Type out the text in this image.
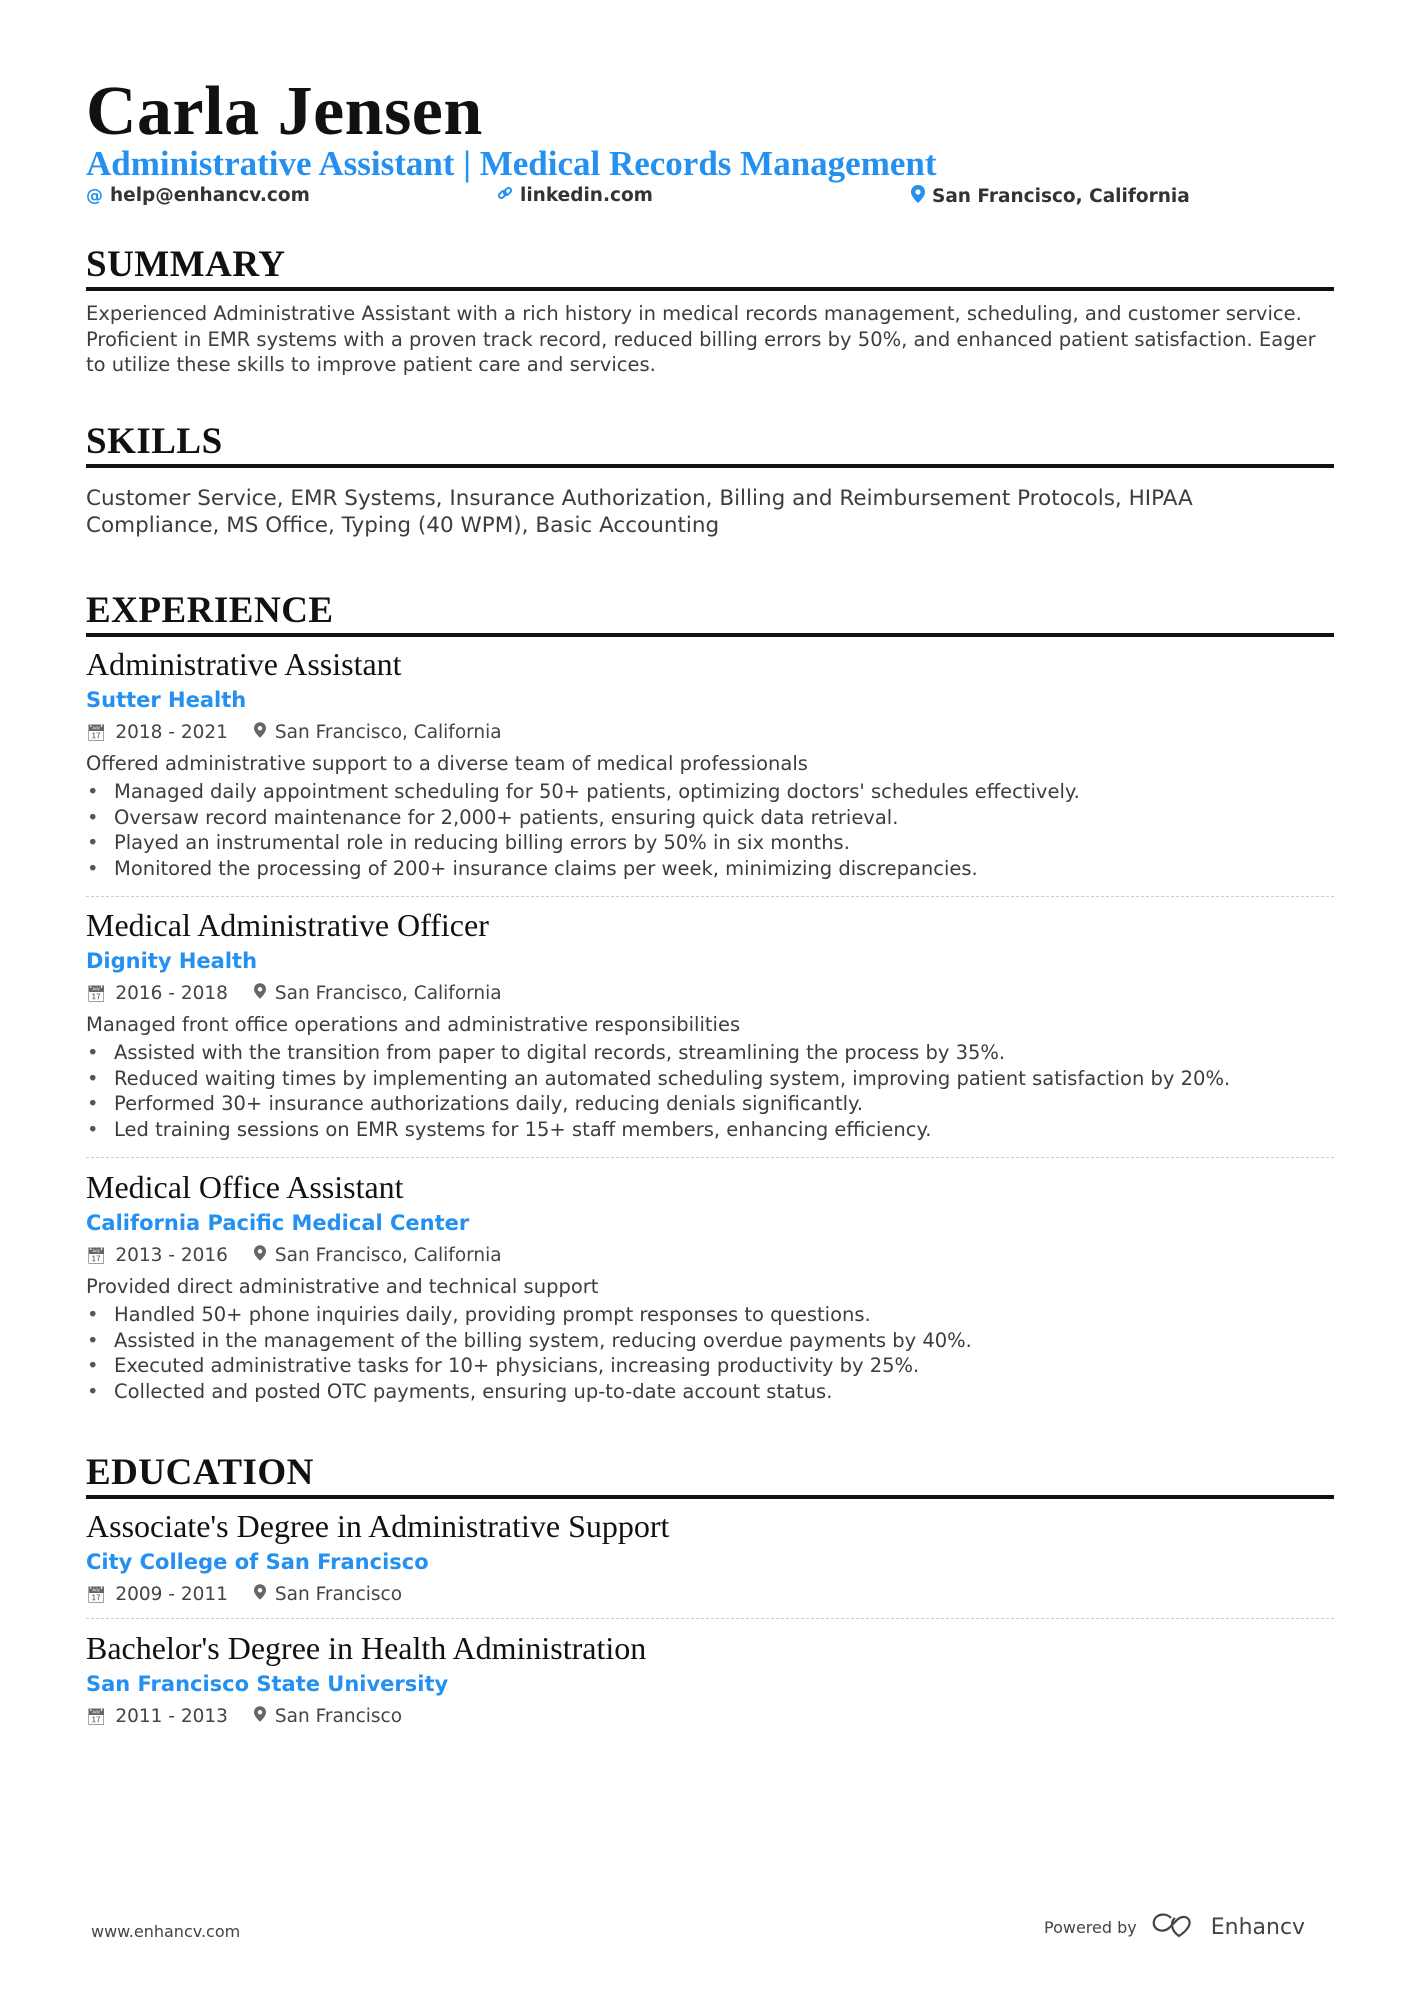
Carla Jensen
Administrative Assistant | Medical Records Management
@ help@enhancv.com	linkedin.com	San Francisco, California
SUMMARY
Experienced Administrative Assistant with a rich history in medical records management, scheduling, and customer service. Proficient in EMR systems with a proven track record, reduced billing errors by 50%, and enhanced patient satisfaction. Eager to utilize these skills to improve patient care and services.
SKILLS
Customer Service, EMR Systems, Insurance Authorization, Billing and Reimbursement Protocols, HIPAA Compliance, MS Office, Typing (40 WPM), Basic Accounting
EXPERIENCE
Administrative Assistant
Sutter Health
📅︎ 2018 - 2021	San Francisco, California
Offered administrative support to a diverse team of medical professionals
• Managed daily appointment scheduling for 50+ patients, optimizing doctors' schedules effectively.
• Oversaw record maintenance for 2,000+ patients, ensuring quick data retrieval.
• Played an instrumental role in reducing billing errors by 50% in six months.
• Monitored the processing of 200+ insurance claims per week, minimizing discrepancies.
Medical Administrative Officer
Dignity Health
📅︎ 2016 - 2018	San Francisco, California
Managed front office operations and administrative responsibilities
• Assisted with the transition from paper to digital records, streamlining the process by 35%.
• Reduced waiting times by implementing an automated scheduling system, improving patient satisfaction by 20%.
• Performed 30+ insurance authorizations daily, reducing denials significantly.
• Led training sessions on EMR systems for 15+ staff members, enhancing efficiency.
Medical Office Assistant
California Pacific Medical Center
📅︎ 2013 - 2016	San Francisco, California
Provided direct administrative and technical support
• Handled 50+ phone inquiries daily, providing prompt responses to questions.
• Assisted in the management of the billing system, reducing overdue payments by 40%.
• Executed administrative tasks for 10+ physicians, increasing productivity by 25%.
• Collected and posted OTC payments, ensuring up-to-date account status.
EDUCATION
Associate's Degree in Administrative Support
City College of San Francisco
📅︎ 2009 - 2011	San Francisco
Bachelor's Degree in Health Administration
San Francisco State University
📅︎ 2011 - 2013	San Francisco
www.enhancv.com	Powered by	Enhancv
